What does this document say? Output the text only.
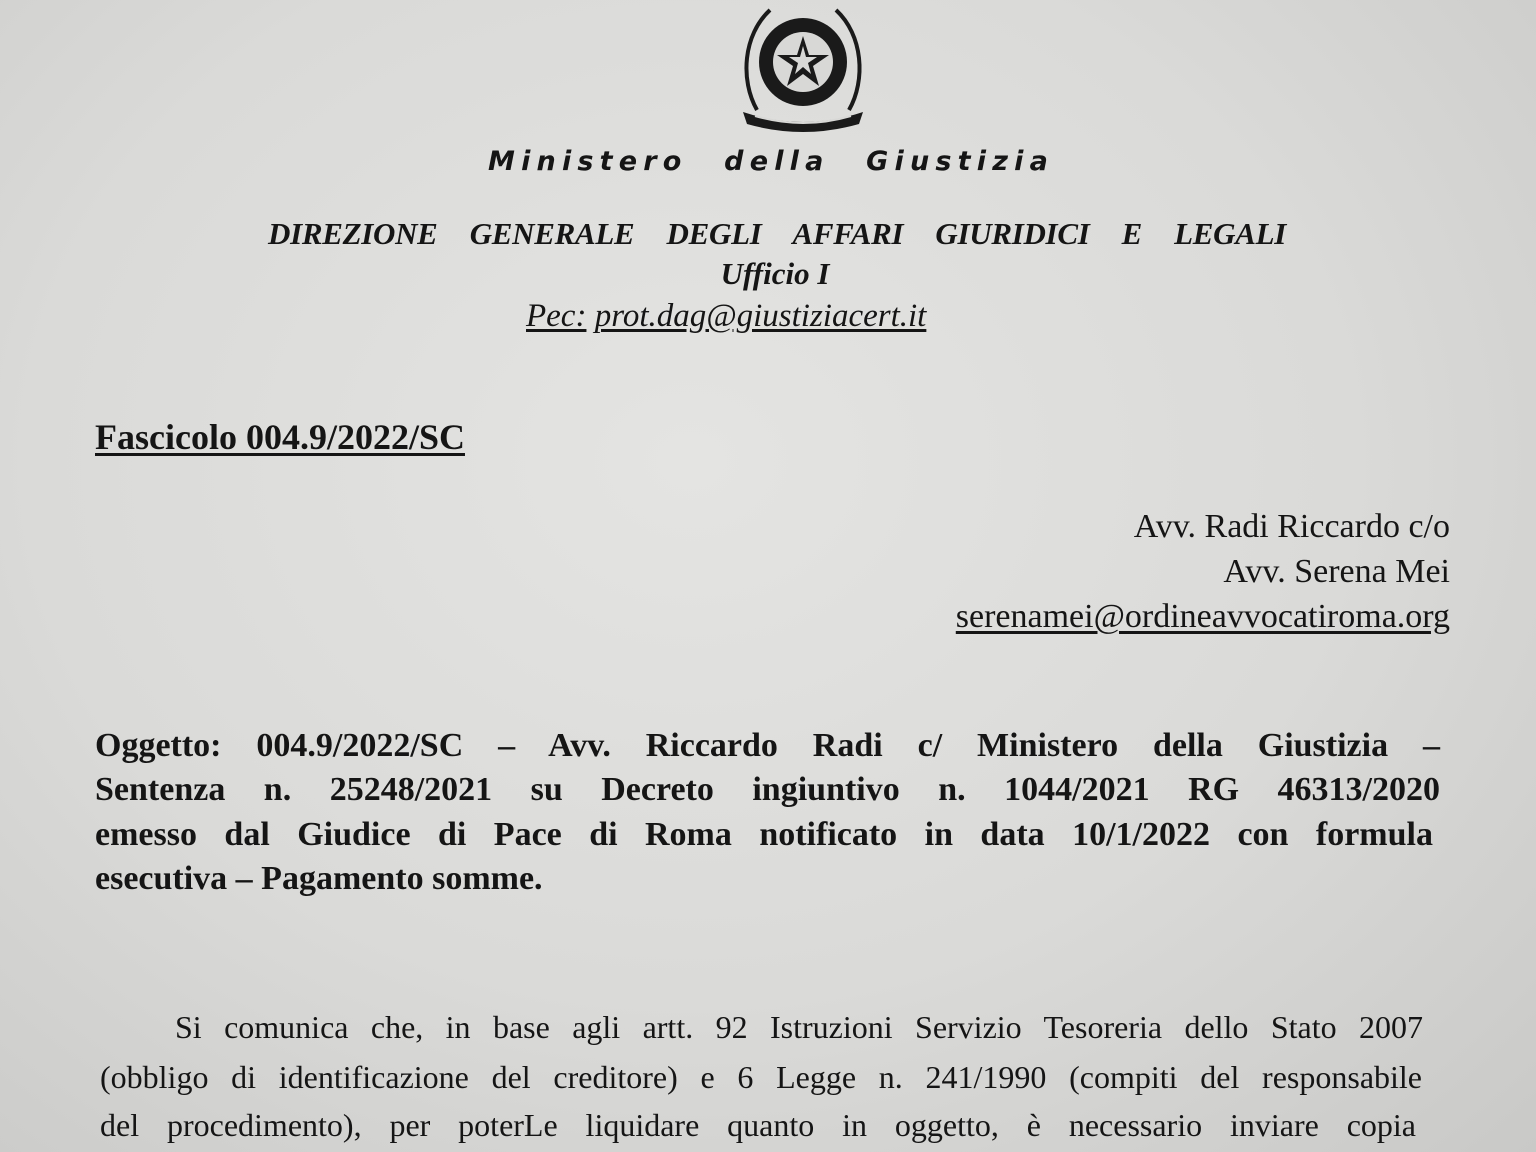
Ministero della Giustizia
DIREZIONE GENERALE DEGLI AFFARI GIURIDICI E LEGALI
Ufficio I
Pec: prot.dag@giustiziacert.it
Fascicolo 004.9/2022/SC
Avv. Radi Riccardo c/o
Avv. Serena Mei
serenamei@ordineavvocatiroma.org
Oggetto: 004.9/2022/SC – Avv. Riccardo Radi c/ Ministero della Giustizia –
Sentenza n. 25248/2021 su Decreto ingiuntivo n. 1044/2021 RG 46313/2020
emesso dal Giudice di Pace di Roma notificato in data 10/1/2022 con formula
esecutiva – Pagamento somme.
Si comunica che, in base agli artt. 92 Istruzioni Servizio Tesoreria dello Stato 2007
(obbligo di identificazione del creditore) e 6 Legge n. 241/1990 (compiti del responsabile
del procedimento), per poterLe liquidare quanto in oggetto, è necessario inviare copia
